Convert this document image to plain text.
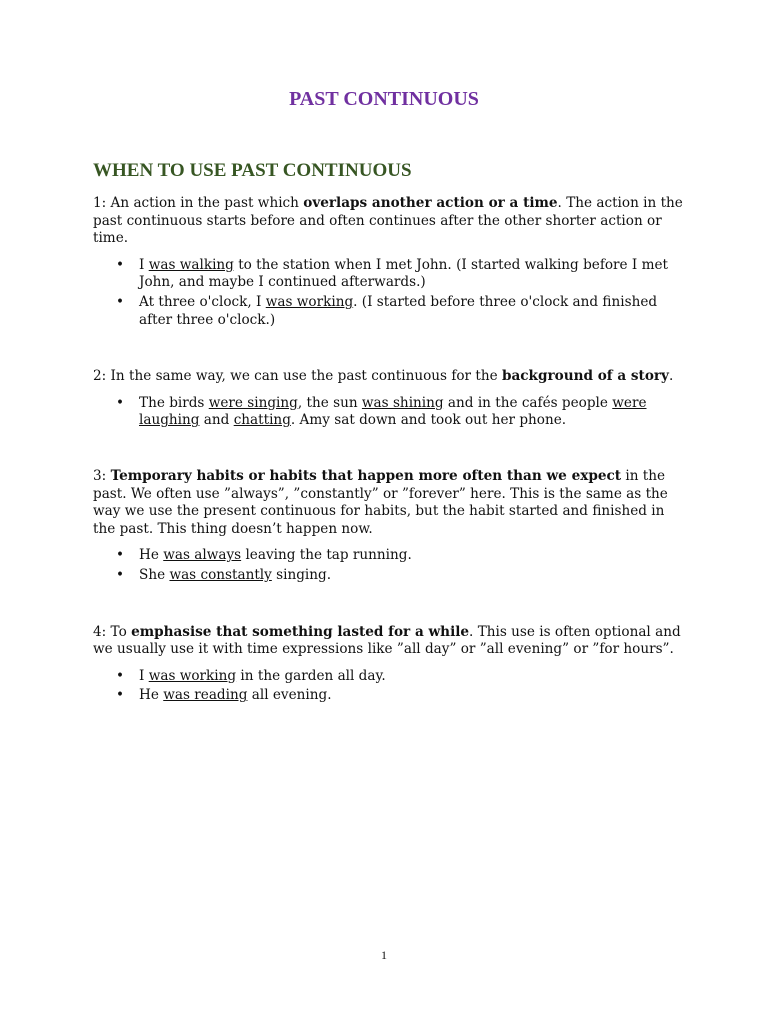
PAST CONTINUOUS
WHEN TO USE PAST CONTINUOUS

1: An action in the past which overlaps another action or a time. The action in the past continuous starts before and often continues after the other shorter action or time.

• I was walking to the station when I met John. (I started walking before I met John, and maybe I continued afterwards.)
• At three o'clock, I was working. (I started before three o'clock and finished after three o'clock.)

2: In the same way, we can use the past continuous for the background of a story.

• The birds were singing, the sun was shining and in the cafés people were laughing and chatting. Amy sat down and took out her phone.

3: Temporary habits or habits that happen more often than we expect in the past. We often use ”always”, ”constantly” or ”forever” here. This is the same as the way we use the present continuous for habits, but the habit started and finished in the past. This thing doesn’t happen now.

• He was always leaving the tap running.
• She was constantly singing.

4: To emphasise that something lasted for a while. This use is often optional and we usually use it with time expressions like ”all day” or ”all evening” or ”for hours”.

• I was working in the garden all day.
• He was reading all evening.
1
